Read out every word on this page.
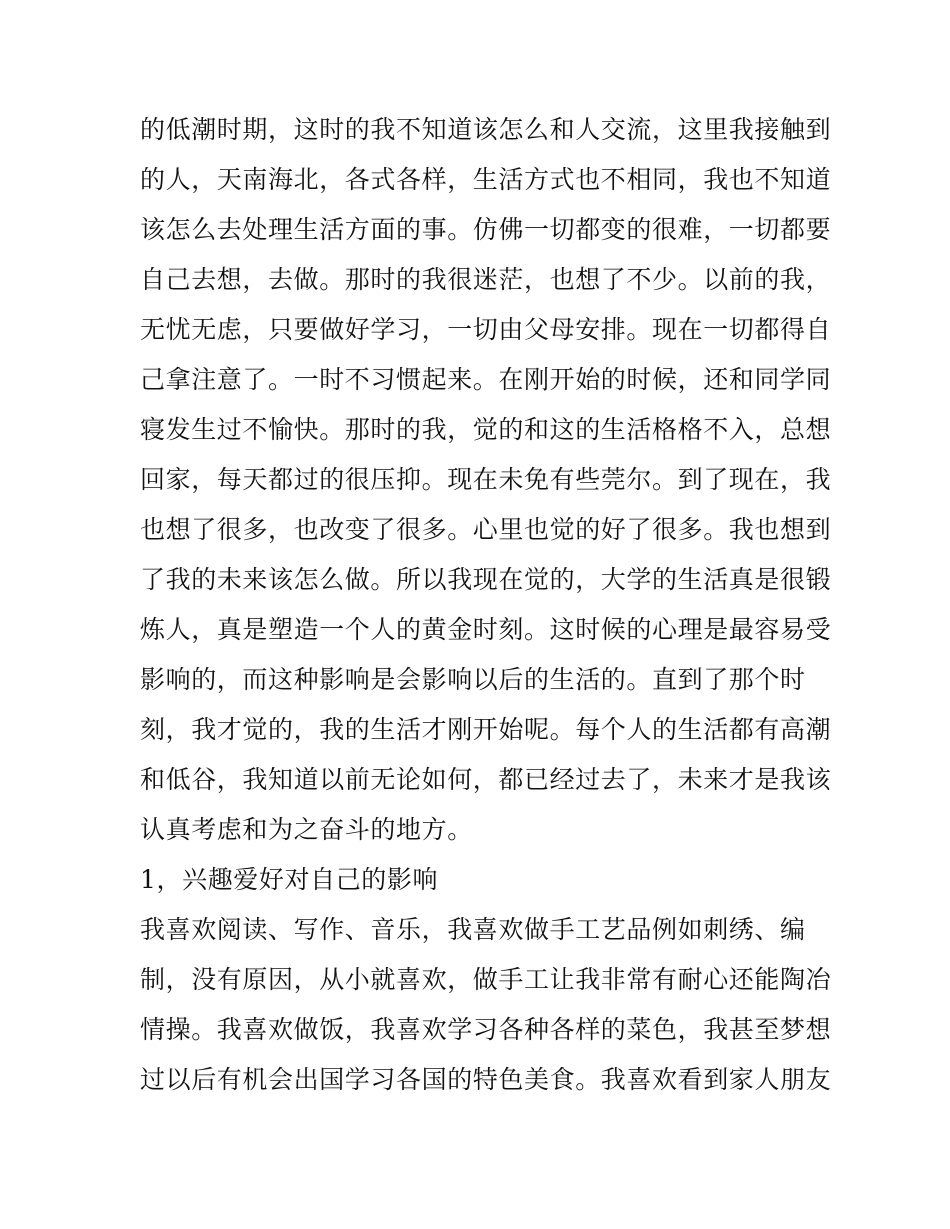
的低潮时期，这时的我不知道该怎么和人交流，这里我接触到
的人，天南海北，各式各样，生活方式也不相同，我也不知道
该怎么去处理生活方面的事。仿佛一切都变的很难，一切都要
自己去想，去做。那时的我很迷茫，也想了不少。以前的我，
无忧无虑，只要做好学习，一切由父母安排。现在一切都得自
己拿注意了。一时不习惯起来。在刚开始的时候，还和同学同
寝发生过不愉快。那时的我，觉的和这的生活格格不入，总想
回家，每天都过的很压抑。现在未免有些莞尔。到了现在，我
也想了很多，也改变了很多。心里也觉的好了很多。我也想到
了我的未来该怎么做。所以我现在觉的，大学的生活真是很锻
炼人，真是塑造一个人的黄金时刻。这时候的心理是最容易受
影响的，而这种影响是会影响以后的生活的。直到了那个时
刻，我才觉的，我的生活才刚开始呢。每个人的生活都有高潮
和低谷，我知道以前无论如何，都已经过去了，未来才是我该
认真考虑和为之奋斗的地方。
1，兴趣爱好对自己的影响
我喜欢阅读、写作、音乐，我喜欢做手工艺品例如刺绣、编
制，没有原因，从小就喜欢，做手工让我非常有耐心还能陶冶
情操。我喜欢做饭，我喜欢学习各种各样的菜色，我甚至梦想
过以后有机会出国学习各国的特色美食。我喜欢看到家人朋友
